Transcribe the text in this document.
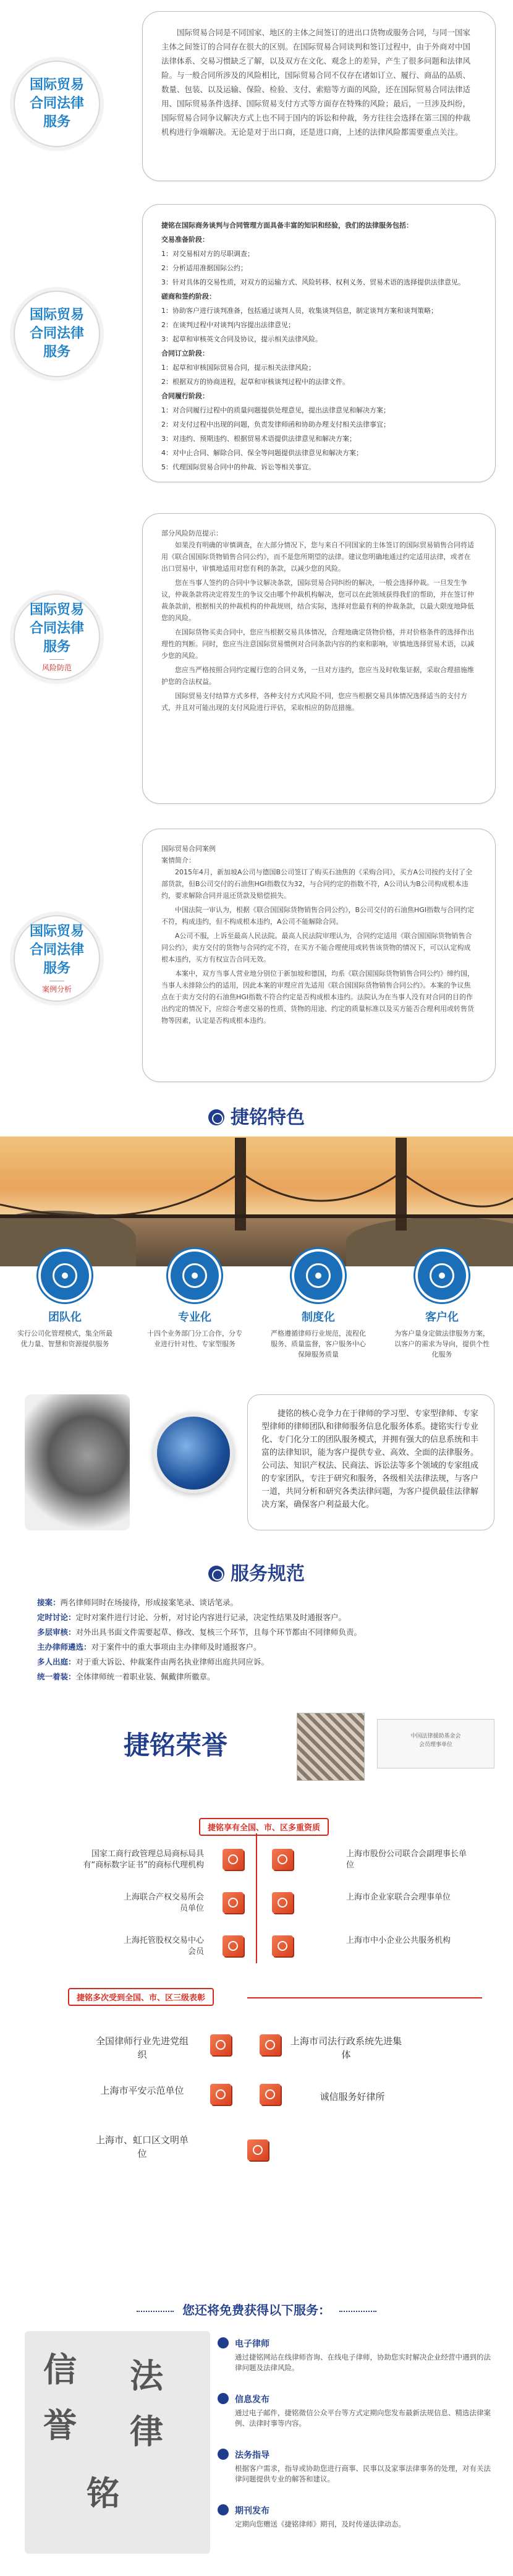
国际贸易
合同法律
服务

国际贸易合同是不同国家、地区的主体之间签订的进出口货物或服务合同，与同一国家主体之间签订的合同存在很大的区别。在国际贸易合同谈判和签订过程中，由于外商对中国法律体系、交易习惯缺乏了解，以及双方在文化、观念上的差异，产生了很多问题和法律风险。与一般合同所涉及的风险相比，国际贸易合同不仅存在诸如订立、履行、商品的品质、数量、包装、以及运输、保险、检验、支付、索赔等方面的风险，还在国际贸易合同法律适用、国际贸易条件选择、国际贸易支付方式等方面存在特殊的风险；最后，一旦涉及纠纷，国际贸易合同争议解决方式上也不同于国内的诉讼和仲裁，务方往往会选择在第三国的仲裁机构进行争端解决。无论是对于出口商，还是进口商，上述的法律风险都需要重点关注。

国际贸易
合同法律
服务
捷铭在国际商务谈判与合同管理方面具备丰富的知识和经验，我们的法律服务包括：
交易准备阶段：
1：对交易相对方的尽职调查；
2：分析适用准据国际公约；
3：针对具体的交易性质，对双方的运输方式、风险转移、权利义务、贸易术语的选择提供法律意见。
磋商和签约阶段：
1：协助客户进行谈判准备，包括通过谈判人员，收集谈判信息，制定谈判方案和谈判策略；
2：在谈判过程中对谈判内容提出法律意见；
3：起草和审核英文合同及协议，提示相关法律风险。
合同订立阶段：
1：起草和审核国际贸易合同，提示相关法律风险；
2：根据双方的协商进程，起草和审核谈判过程中的法律文件。
合同履行阶段：
1：对合同履行过程中的质量问题提供处理意见，提出法律意见和解决方案；
2：对支付过程中出现的问题，负责发律师函和协助办理支付相关法律事宜；
3：对违约、预期违约、根据贸易术语提供法律意见和解决方案；
4：对中止合同、解除合同、保全等问题提供法律意见和解决方案；
5：代理国际贸易合同中的仲裁、诉讼等相关事宜。
国际贸易
合同法律
服务
风险防范

部分风险防范提示：

如果没有明确的审慎调查，在大部分情况下，您与来自不同国家的主体签订的国际贸易销售合同将适用《联合国国际货物销售合同公约》，而不是您所期望的法律。建议您明确地通过约定适用法律，或者在出口贸易中，审慎地适用对您有利的条款，以减少您的风险。

您在当事人签约的合同中争议解决条款，国际贸易合同纠纷的解决，一般会选择仲裁。一旦发生争议，仲裁条款将决定将发生的争议交由哪个仲裁机构解决，您可以在此领域获得我们的帮助，并在签订仲裁条款前，根据相关的仲裁机构的仲裁规则，结合实际，选择对您最有利的仲裁条款，以最大限度地降低您的风险。

在国际货物买卖合同中，您应当根据交易具体情况，合理地确定货物价格，并对价格条件的选择作出理性的判断。同时，您应当注意国际贸易惯例对合同条款内容的约束和影响，审慎地选择贸易术语，以减少您的风险。

您应当严格按照合同约定履行您的合同义务，一旦对方违约，您应当及时收集证据，采取合理措施维护您的合法权益。

国际贸易支付结算方式多样，各种支付方式风险不同，您应当根据交易具体情况选择适当的支付方式，并且对可能出现的支付风险进行评估，采取相应的防范措施。

国际贸易
合同法律
服务
案例分析

国际贸易合同案例

案情简介：

2015年4月，新加坡A公司与德国B公司签订了购买石油焦的《采购合同》，买方A公司按约支付了全部货款，但B公司交付的石油焦HGI指数仅为32，与合同约定的指数不符，A公司认为B公司构成根本违约，要求解除合同并退还货款及赔偿损失。

中国法院一审认为，根据《联合国国际货物销售合同公约》，B公司交付的石油焦HGI指数与合同约定不符，构成违约，但不构成根本违约，A公司不能解除合同。

A公司不服，上诉至最高人民法院。最高人民法院审理认为，合同约定适用《联合国国际货物销售合同公约》，卖方交付的货物与合同约定不符，在买方不能合理使用或转售该货物的情况下，可以认定构成根本违约，买方有权宣告合同无效。

本案中，双方当事人营业地分别位于新加坡和德国，均系《联合国国际货物销售合同公约》缔约国，当事人未排除公约的适用，因此本案的审理应首先适用《联合国国际货物销售合同公约》。本案的争议焦点在于卖方交付的石油焦HGI指数不符合约定是否构成根本违约。法院认为在当事人没有对合同的目的作出约定的情况下，应综合考虑交易的性质、货物的用途、约定的质量标准以及买方能否合理利用或转售货物等因素，认定是否构成根本违约。

捷铭特色
团队化
实行公司化管理模式，集全所最优力量、智慧和资源提供服务
专业化
十四个业务部门分工合作，分专业进行针对性、专家型服务
制度化
严格遵循律师行业规范，流程化服务、质量监督，客户服务中心保障服务质量
客户化
为客户量身定做法律服务方案，以客户的需求为导向，提供个性化服务

捷铭的核心竞争力在于律师的学习型、专家型律师、专家型律师的律师团队和律师服务信息化服务体系。捷铭实行专业化、专门化分工的团队服务模式，并拥有强大的信息系统和丰富的法律知识，能为客户提供专业、高效、全面的法律服务。公司法、知识产权法、民商法、诉讼法等多个领域的专家组成的专家团队，专注于研究和服务，各级相关法律法规，与客户一道，共同分析和研究各类法律问题，为客户提供最佳法律解决方案，确保客户利益最大化。

服务规范
接案：两名律师同时在场接待，形成接案笔录、谈话笔录。
定时讨论：定时对案件进行讨论、分析，对讨论内容进行记录，决定性结果及时通报客户。
多层审核：对外出具书面文件需要起草、修改、复核三个环节，且每个环节都由不同律师负责。
主办律师遴选：对于案件中的重大事项由主办律师及时通报客户。
多人出庭：对于重大诉讼、仲裁案件由两名执业律师出庭共同应诉。
统一着装：全体律师统一着职业装、佩戴律所徽章。
捷铭荣誉	中国法律援助基金会
会员理事单位
捷铭享有全国、市、区多重资质
国家工商行政管理总局商标局具有“商标数字证书”的商标代理机构
上海联合产权交易所会员单位
上海托管股权交易中心会员
上海市股份公司联合会副理事长单位
上海市企业家联合会理事单位
上海市中小企业公共服务机构
捷铭多次受到全国、市、区三级表彰
全国律师行业先进党组织
上海市平安示范单位
上海市、虹口区文明单位
上海市司法行政系统先进集体
诚信服务好律所
您还将免费获得以下服务：
信
誉
法
律
铭
电子律师
通过捷铭网站在线律师咨询、在线电子律师，协助您实时解决企业经营中遇到的法律问题及法律风险。
信息发布
通过电子邮件，捷铭微信公众平台等方式定期向您发布最新法规信息、精选法律案例、法律时事等内容。
法务指导
根据客户需求，指导或协助您进行商事、民事以及家事法律事务的处理，对有关法律问题提供专业的解答和建议。
期刊发布
定期向您赠送《捷铭律师》期刊，及时传递法律动态。
